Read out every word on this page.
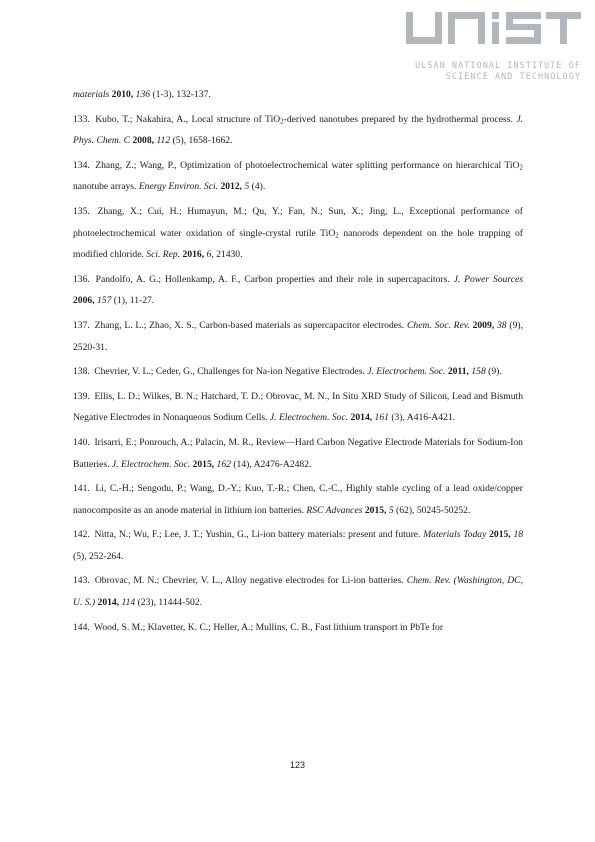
ULSAN NATIONAL INSTITUTE OF
SCIENCE AND TECHNOLOGY

materials 2010, 136 (1-3), 132-137.

133. Kubo, T.; Nakahira, A., Local structure of TiO$_2$-derived nanotubes prepared by the hydrothermal process. J. Phys. Chem. C 2008, 112 (5), 1658-1662.

134. Zhang, Z.; Wang, P., Optimization of photoelectrochemical water splitting performance on hierarchical TiO$_2$ nanotube arrays. Energy Environ. Sci. 2012, 5 (4).

135. Zhang, X.; Cui, H.; Humayun, M.; Qu, Y.; Fan, N.; Sun, X.; Jing, L., Exceptional performance of photoelectrochemical water oxidation of single-crystal rutile TiO$_2$ nanorods dependent on the hole trapping of modified chloride. Sci. Rep. 2016, 6, 21430.

136. Pandolfo, A. G.; Hollenkamp, A. F., Carbon properties and their role in supercapacitors. J. Power Sources 2006, 157 (1), 11-27.

137. Zhang, L. L.; Zhao, X. S., Carbon-based materials as supercapacitor electrodes. Chem. Soc. Rev. 2009, 38 (9), 2520-31.

138. Chevrier, V. L.; Ceder, G., Challenges for Na-ion Negative Electrodes. J. Electrochem. Soc. 2011, 158 (9).

139. Ellis, L. D.; Wilkes, B. N.; Hatchard, T. D.; Obrovac, M. N., In Situ XRD Study of Silicon, Lead and Bismuth Negative Electrodes in Nonaqueous Sodium Cells. J. Electrochem. Soc. 2014, 161 (3), A416-A421.

140. Irisarri, E.; Ponrouch, A.; Palacin, M. R., Review—Hard Carbon Negative Electrode Materials for Sodium-Ion Batteries. J. Electrochem. Soc. 2015, 162 (14), A2476-A2482.

141. Li, C.-H.; Sengodu, P.; Wang, D.-Y.; Kuo, T.-R.; Chen, C.-C., Highly stable cycling of a lead oxide/copper nanocomposite as an anode material in lithium ion batteries. RSC Advances 2015, 5 (62), 50245-50252.

142. Nitta, N.; Wu, F.; Lee, J. T.; Yushin, G., Li-ion battery materials: present and future. Materials Today 2015, 18 (5), 252-264.

143. Obrovac, M. N.; Chevrier, V. L., Alloy negative electrodes for Li-ion batteries. Chem. Rev. (Washington, DC, U. S.) 2014, 114 (23), 11444-502.

144. Wood, S. M.; Klavetter, K. C.; Heller, A.; Mullins, C. B., Fast lithium transport in PbTe for

123
